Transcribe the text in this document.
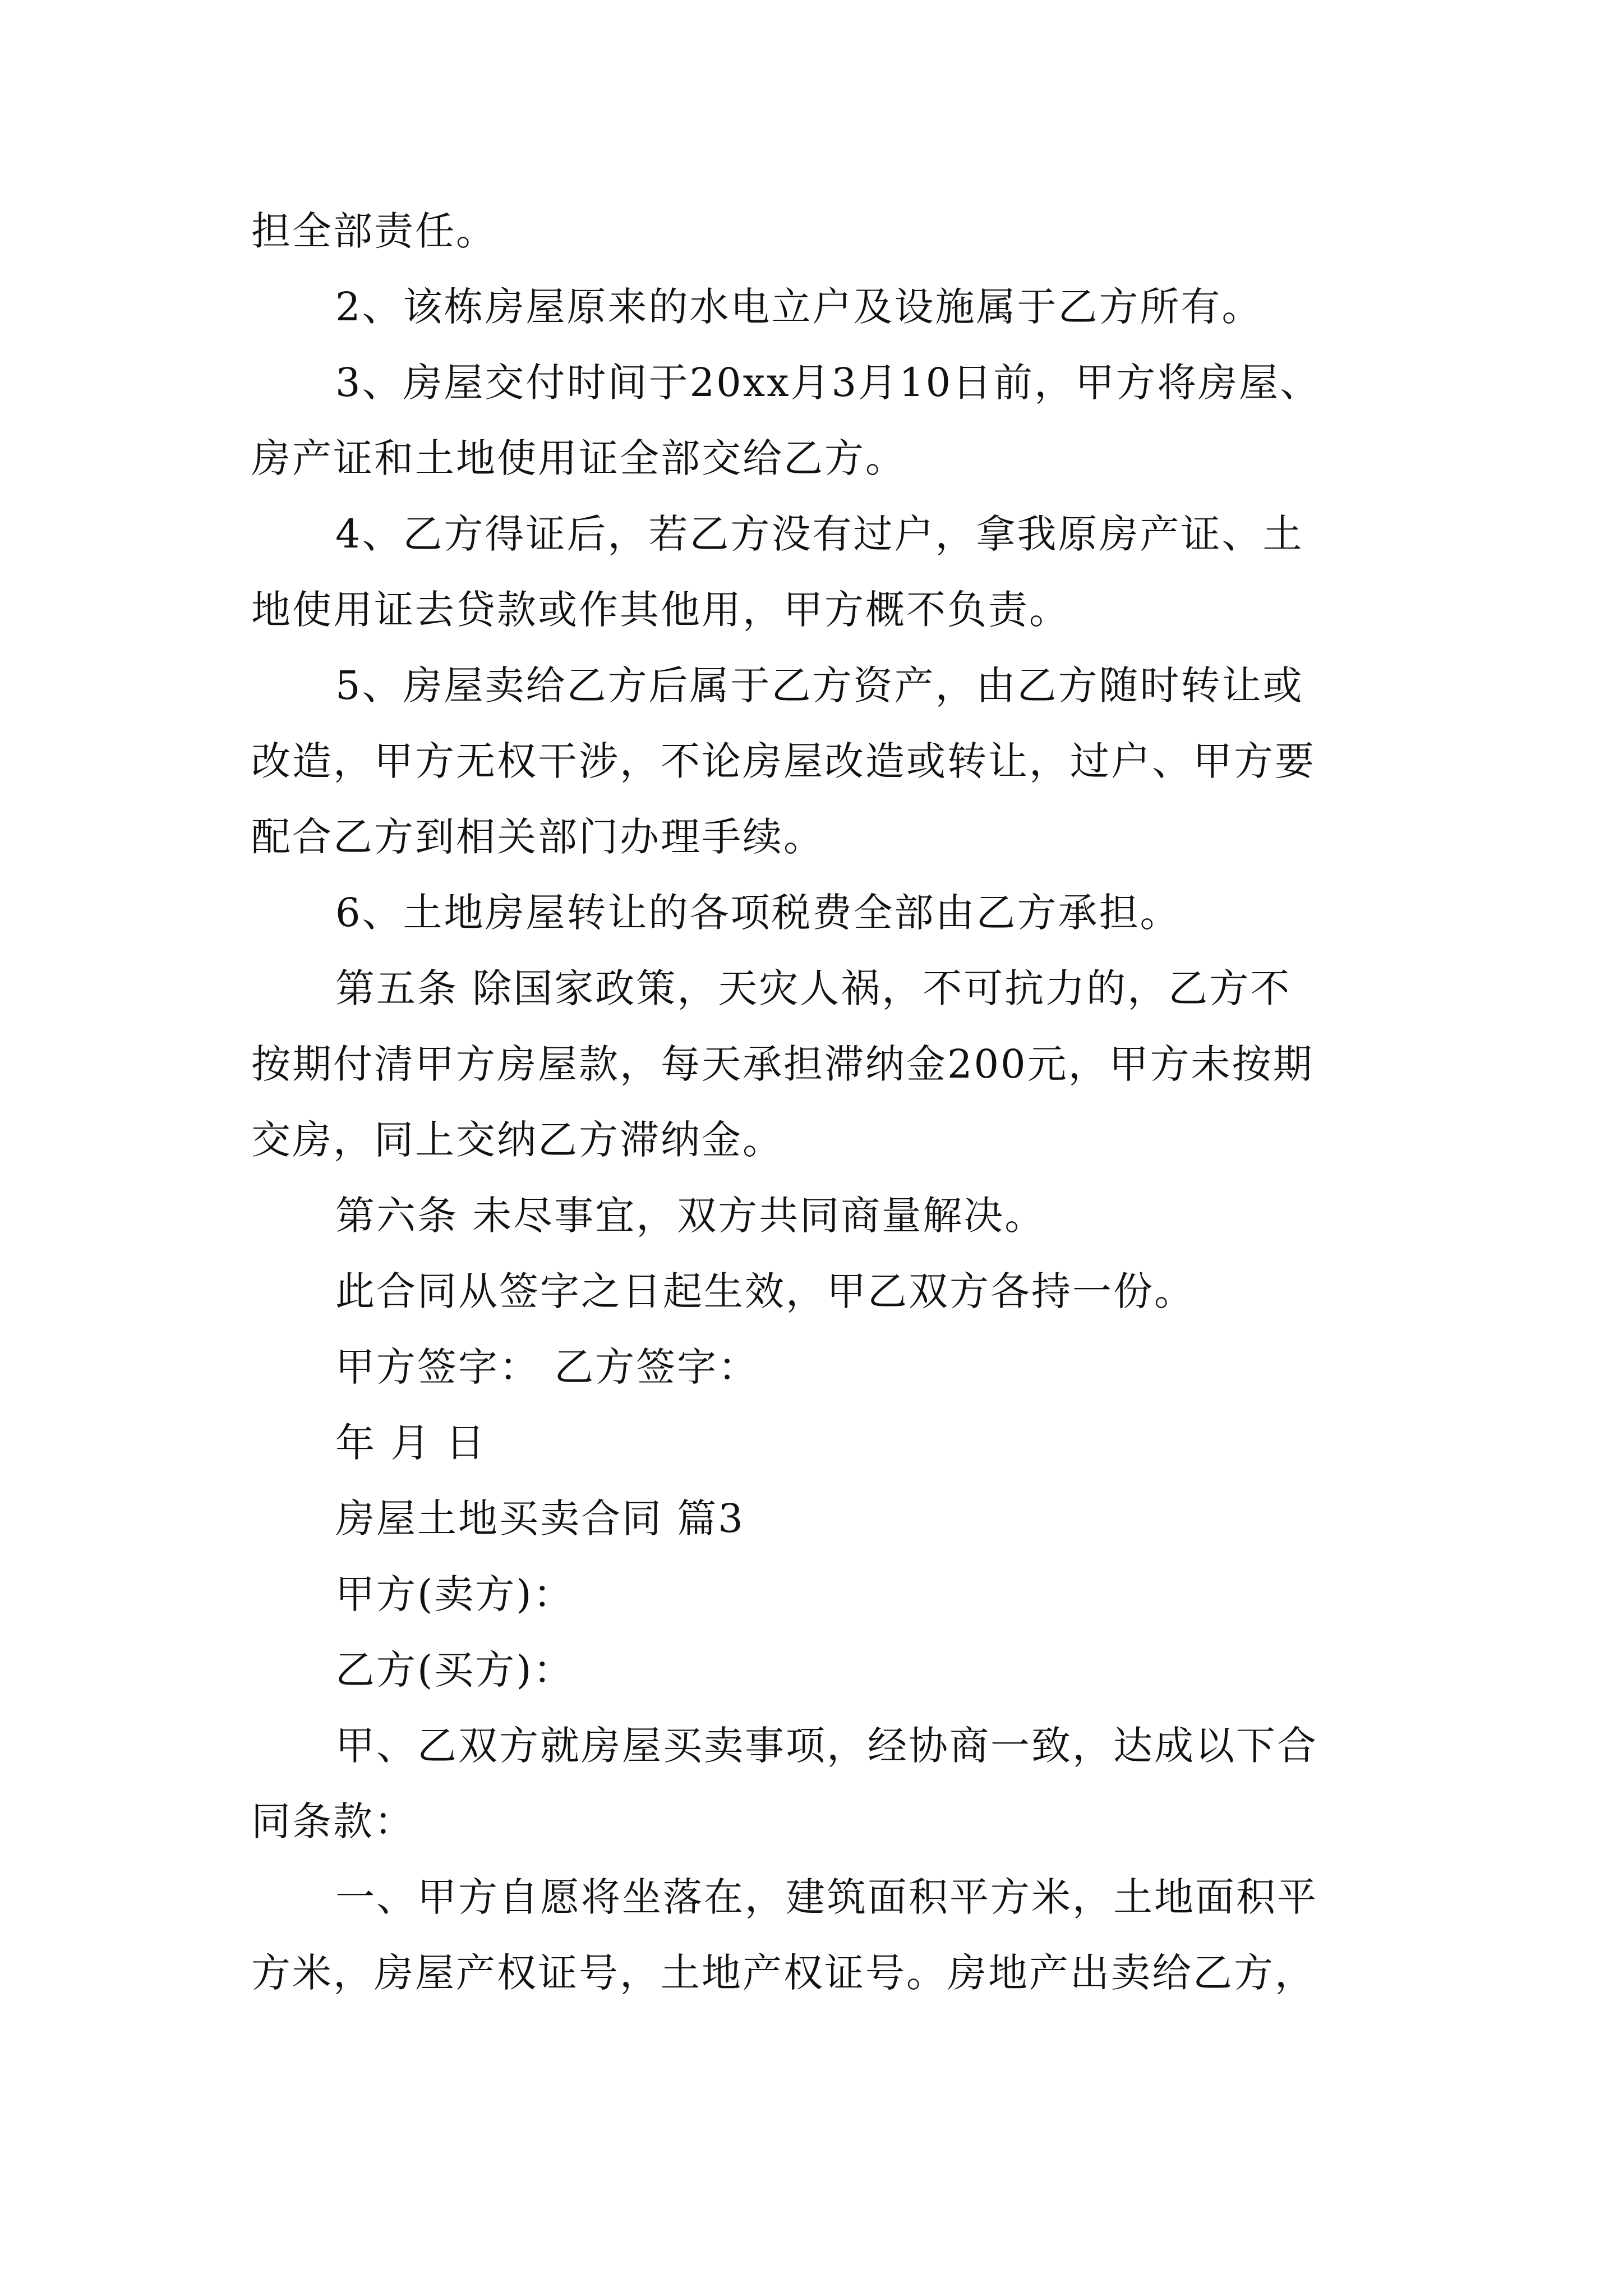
担全部责任。
2、该栋房屋原来的水电立户及设施属于乙方所有。
3、房屋交付时间于20xx月3月10日前，甲方将房屋、
房产证和土地使用证全部交给乙方。
4、乙方得证后，若乙方没有过户，拿我原房产证、土
地使用证去贷款或作其他用，甲方概不负责。
5、房屋卖给乙方后属于乙方资产，由乙方随时转让或
改造，甲方无权干涉，不论房屋改造或转让，过户、甲方要
配合乙方到相关部门办理手续。
6、土地房屋转让的各项税费全部由乙方承担。
第五条 除国家政策，天灾人祸，不可抗力的，乙方不
按期付清甲方房屋款，每天承担滞纳金200元，甲方未按期
交房，同上交纳乙方滞纳金。
第六条 未尽事宜，双方共同商量解决。
此合同从签字之日起生效，甲乙双方各持一份。
甲方签字： 乙方签字：
年 月 日
房屋土地买卖合同 篇3
甲方(卖方)：
乙方(买方)：
甲、乙双方就房屋买卖事项，经协商一致，达成以下合
同条款：
一、甲方自愿将坐落在，建筑面积平方米，土地面积平
方米，房屋产权证号，土地产权证号。房地产出卖给乙方，
